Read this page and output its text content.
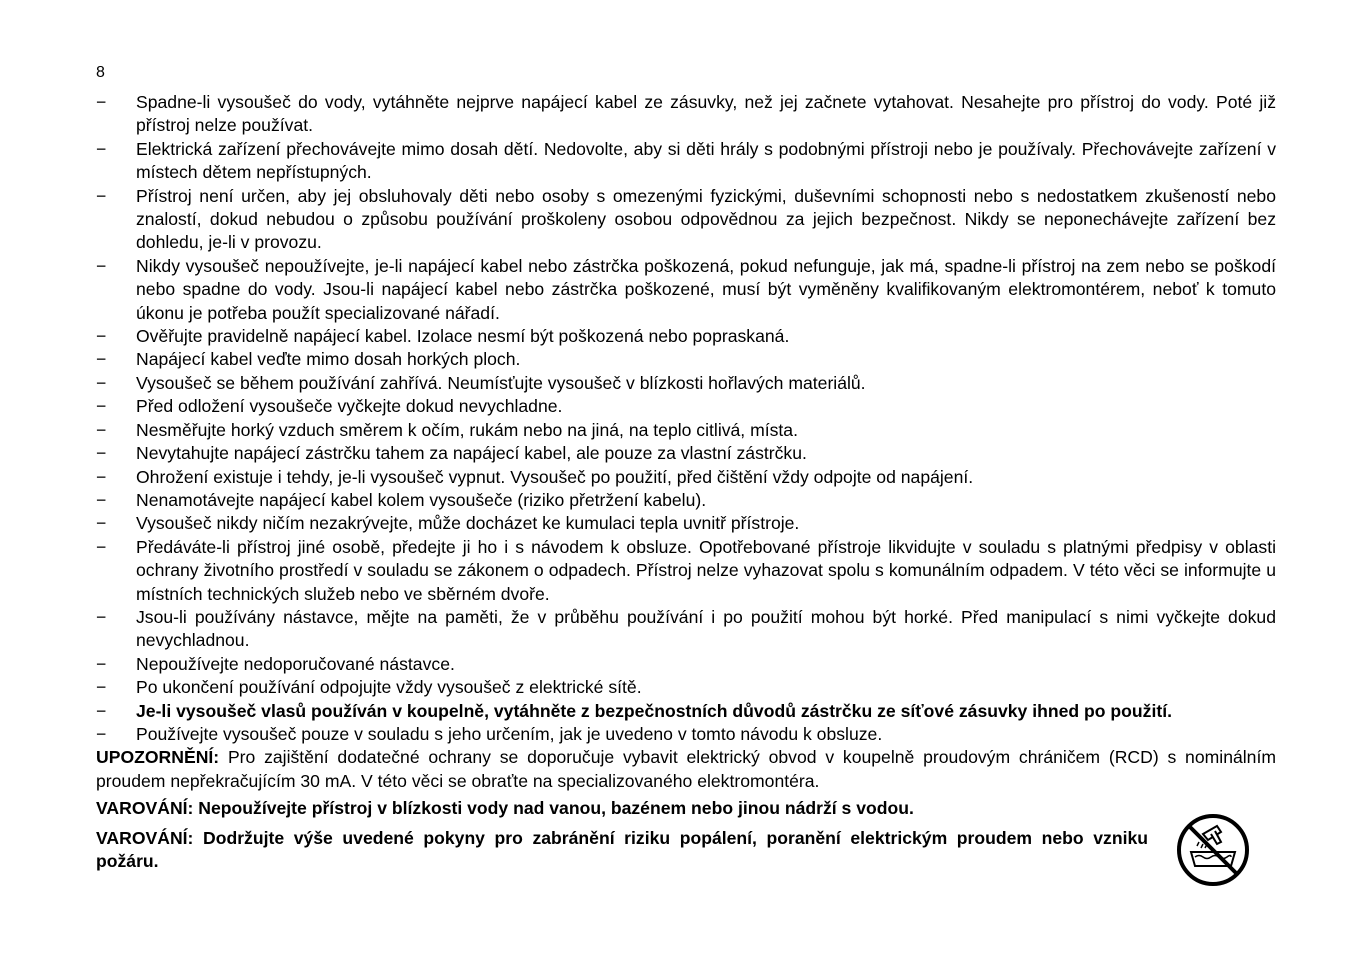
8
−	Spadne-li vysoušeč do vody, vytáhněte nejprve napájecí kabel ze zásuvky, než jej začnete vytahovat. Nesahejte pro přístroj do vody. Poté již přístroj nelze používat.
−	Elektrická zařízení přechovávejte mimo dosah dětí. Nedovolte, aby si děti hrály s podobnými přístroji nebo je používaly. Přechovávejte zařízení v místech dětem nepřístupných.
−	Přístroj není určen, aby jej obsluhovaly děti nebo osoby s omezenými fyzickými, duševními schopnosti nebo s nedostatkem zkušeností nebo znalostí, dokud nebudou o způsobu používání proškoleny osobou odpovědnou za jejich bezpečnost. Nikdy se neponechávejte zařízení bez dohledu, je-li v provozu.
−	Nikdy vysoušeč nepoužívejte, je-li napájecí kabel nebo zástrčka poškozená, pokud nefunguje, jak má, spadne-li přístroj na zem nebo se poškodí nebo spadne do vody. Jsou-li napájecí kabel nebo zástrčka poškozené, musí být vyměněny kvalifikovaným elektromontérem, neboť k tomuto úkonu je potřeba použít specializované nářadí.
−	Ověřujte pravidelně napájecí kabel. Izolace nesmí být poškozená nebo popraskaná.
−	Napájecí kabel veďte mimo dosah horkých ploch.
−	Vysoušeč se během používání zahřívá. Neumísťujte vysoušeč v blízkosti hořlavých materiálů.
−	Před odložení vysoušeče vyčkejte dokud nevychladne.
−	Nesměřujte horký vzduch směrem k očím, rukám nebo na jiná, na teplo citlivá, místa.
−	Nevytahujte napájecí zástrčku tahem za napájecí kabel, ale pouze za vlastní zástrčku.
−	Ohrožení existuje i tehdy, je-li vysoušeč vypnut. Vysoušeč po použití, před čištění vždy odpojte od napájení.
−	Nenamotávejte napájecí kabel kolem vysoušeče (riziko přetržení kabelu).
−	Vysoušeč nikdy ničím nezakrývejte, může docházet ke kumulaci tepla uvnitř přístroje.
−	Předáváte-li přístroj jiné osobě, předejte ji ho i s návodem k obsluze. Opotřebované přístroje likvidujte v souladu s platnými předpisy v oblasti ochrany životního prostředí v souladu se zákonem o odpadech. Přístroj nelze vyhazovat spolu s komunálním odpadem. V této věci se informujte u místních technických služeb nebo ve sběrném dvoře.
−	Jsou-li používány nástavce, mějte na paměti, že v průběhu používání i po použití mohou být horké. Před manipulací s nimi vyčkejte dokud nevychladnou.
−	Nepoužívejte nedoporučované nástavce.
−	Po ukončení používání odpojujte vždy vysoušeč z elektrické sítě.
−	Je-li vysoušeč vlasů používán v koupelně, vytáhněte z bezpečnostních důvodů zástrčku ze síťové zásuvky ihned po použití.
−	Používejte vysoušeč pouze v souladu s jeho určením, jak je uvedeno v tomto návodu k obsluze.
UPOZORNĚNÍ: Pro zajištění dodatečné ochrany se doporučuje vybavit elektrický obvod v koupelně proudovým chráničem (RCD) s nominálním proudem nepřekračujícím 30 mA. V této věci se obraťte na specializovaného elektromontéra.
VAROVÁNÍ: Nepoužívejte přístroj v blízkosti vody nad vanou, bazénem nebo jinou nádrží s vodou.
VAROVÁNÍ: Dodržujte výše uvedené pokyny pro zabránění riziku popálení, poranění elektrickým proudem nebo vzniku požáru.
